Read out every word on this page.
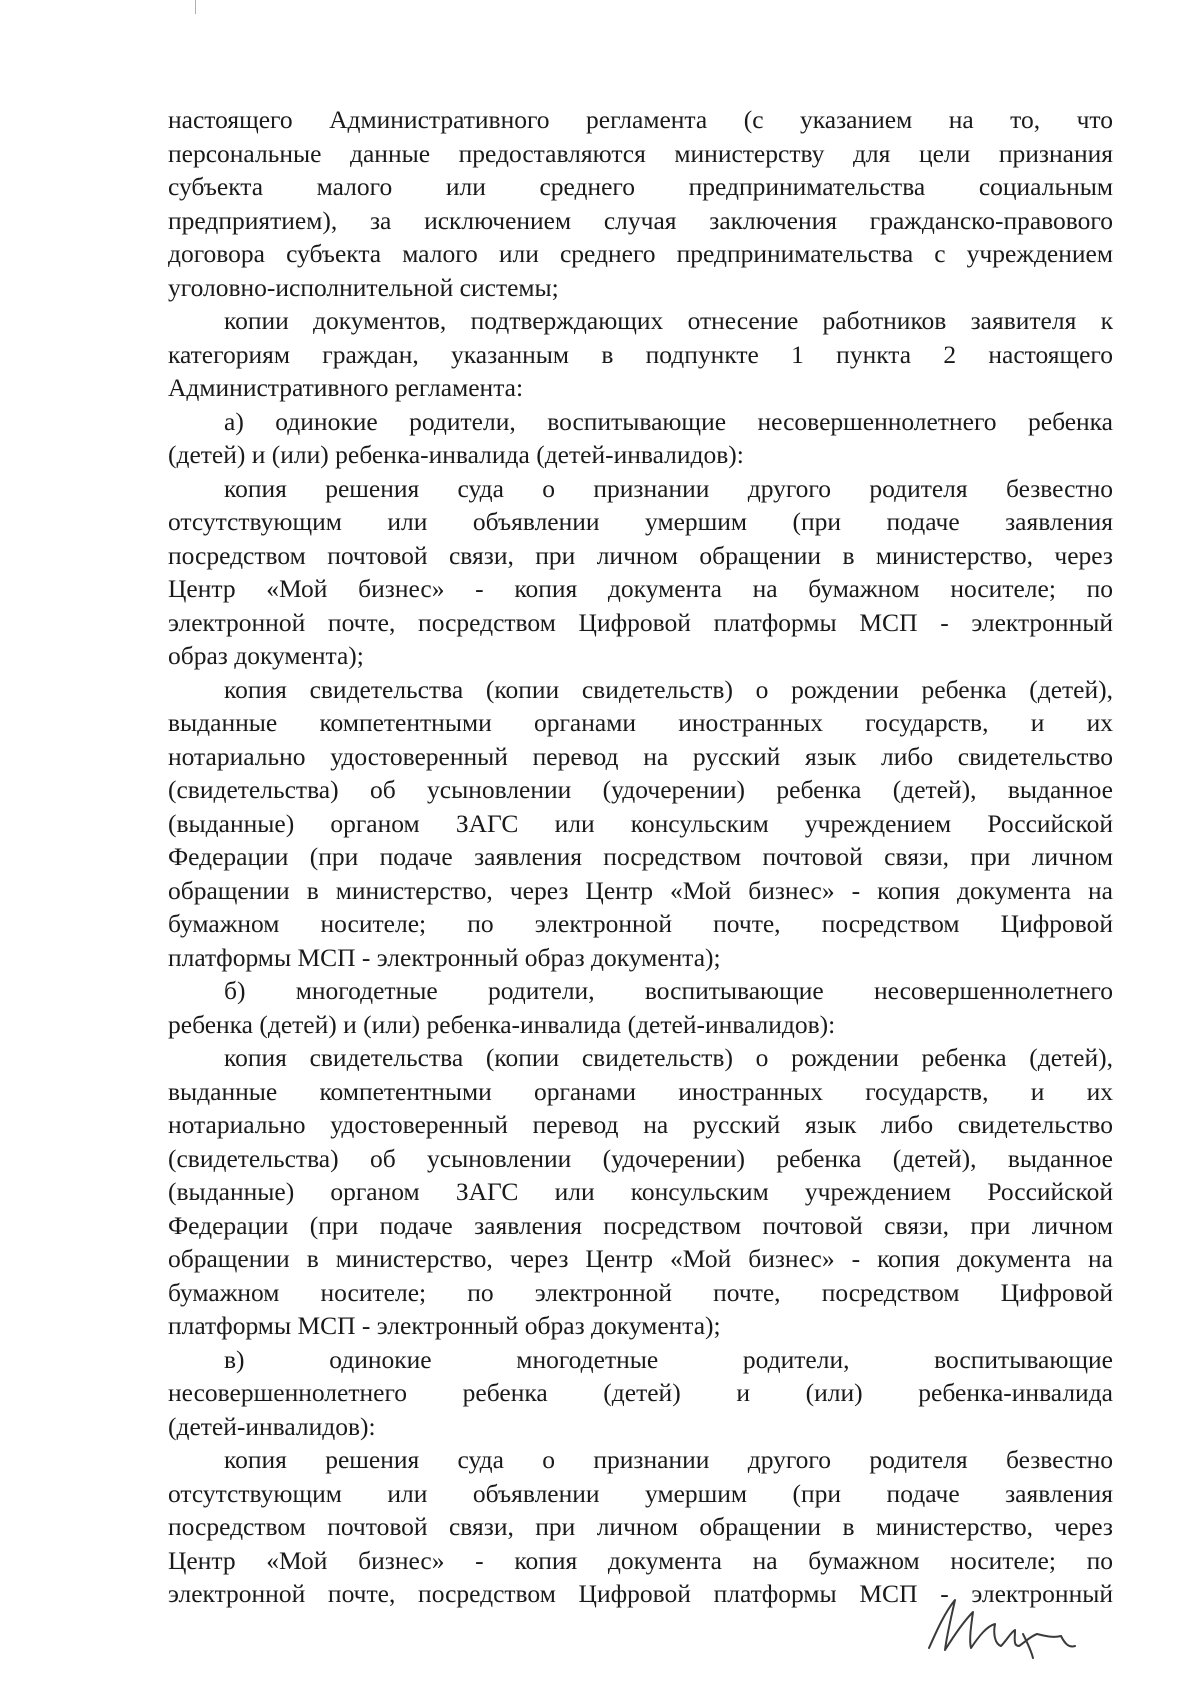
настоящего Административного регламента (с указанием на то, что
персональные данные предоставляются министерству для цели признания
субъекта малого или среднего предпринимательства социальным
предприятием), за исключением случая заключения гражданско-правового
договора субъекта малого или среднего предпринимательства с учреждением
уголовно-исполнительной системы;
копии документов, подтверждающих отнесение работников заявителя к
категориям граждан, указанным в подпункте 1 пункта 2 настоящего
Административного регламента:
а) одинокие родители, воспитывающие несовершеннолетнего ребенка
(детей) и (или) ребенка-инвалида (детей-инвалидов):
копия решения суда о признании другого родителя безвестно
отсутствующим или объявлении умершим (при подаче заявления
посредством почтовой связи, при личном обращении в министерство, через
Центр «Мой бизнес» - копия документа на бумажном носителе; по
электронной почте, посредством Цифровой платформы МСП - электронный
образ документа);
копия свидетельства (копии свидетельств) о рождении ребенка (детей),
выданные компетентными органами иностранных государств, и их
нотариально удостоверенный перевод на русский язык либо свидетельство
(свидетельства) об усыновлении (удочерении) ребенка (детей), выданное
(выданные) органом ЗАГС или консульским учреждением Российской
Федерации (при подаче заявления посредством почтовой связи, при личном
обращении в министерство, через Центр «Мой бизнес» - копия документа на
бумажном носителе; по электронной почте, посредством Цифровой
платформы МСП - электронный образ документа);
б) многодетные родители, воспитывающие несовершеннолетнего
ребенка (детей) и (или) ребенка-инвалида (детей-инвалидов):
копия свидетельства (копии свидетельств) о рождении ребенка (детей),
выданные компетентными органами иностранных государств, и их
нотариально удостоверенный перевод на русский язык либо свидетельство
(свидетельства) об усыновлении (удочерении) ребенка (детей), выданное
(выданные) органом ЗАГС или консульским учреждением Российской
Федерации (при подаче заявления посредством почтовой связи, при личном
обращении в министерство, через Центр «Мой бизнес» - копия документа на
бумажном носителе; по электронной почте, посредством Цифровой
платформы МСП - электронный образ документа);
в) одинокие многодетные родители, воспитывающие
несовершеннолетнего ребенка (детей) и (или) ребенка-инвалида
(детей-инвалидов):
копия решения суда о признании другого родителя безвестно
отсутствующим или объявлении умершим (при подаче заявления
посредством почтовой связи, при личном обращении в министерство, через
Центр «Мой бизнес» - копия документа на бумажном носителе; по
электронной почте, посредством Цифровой платформы МСП - электронный
